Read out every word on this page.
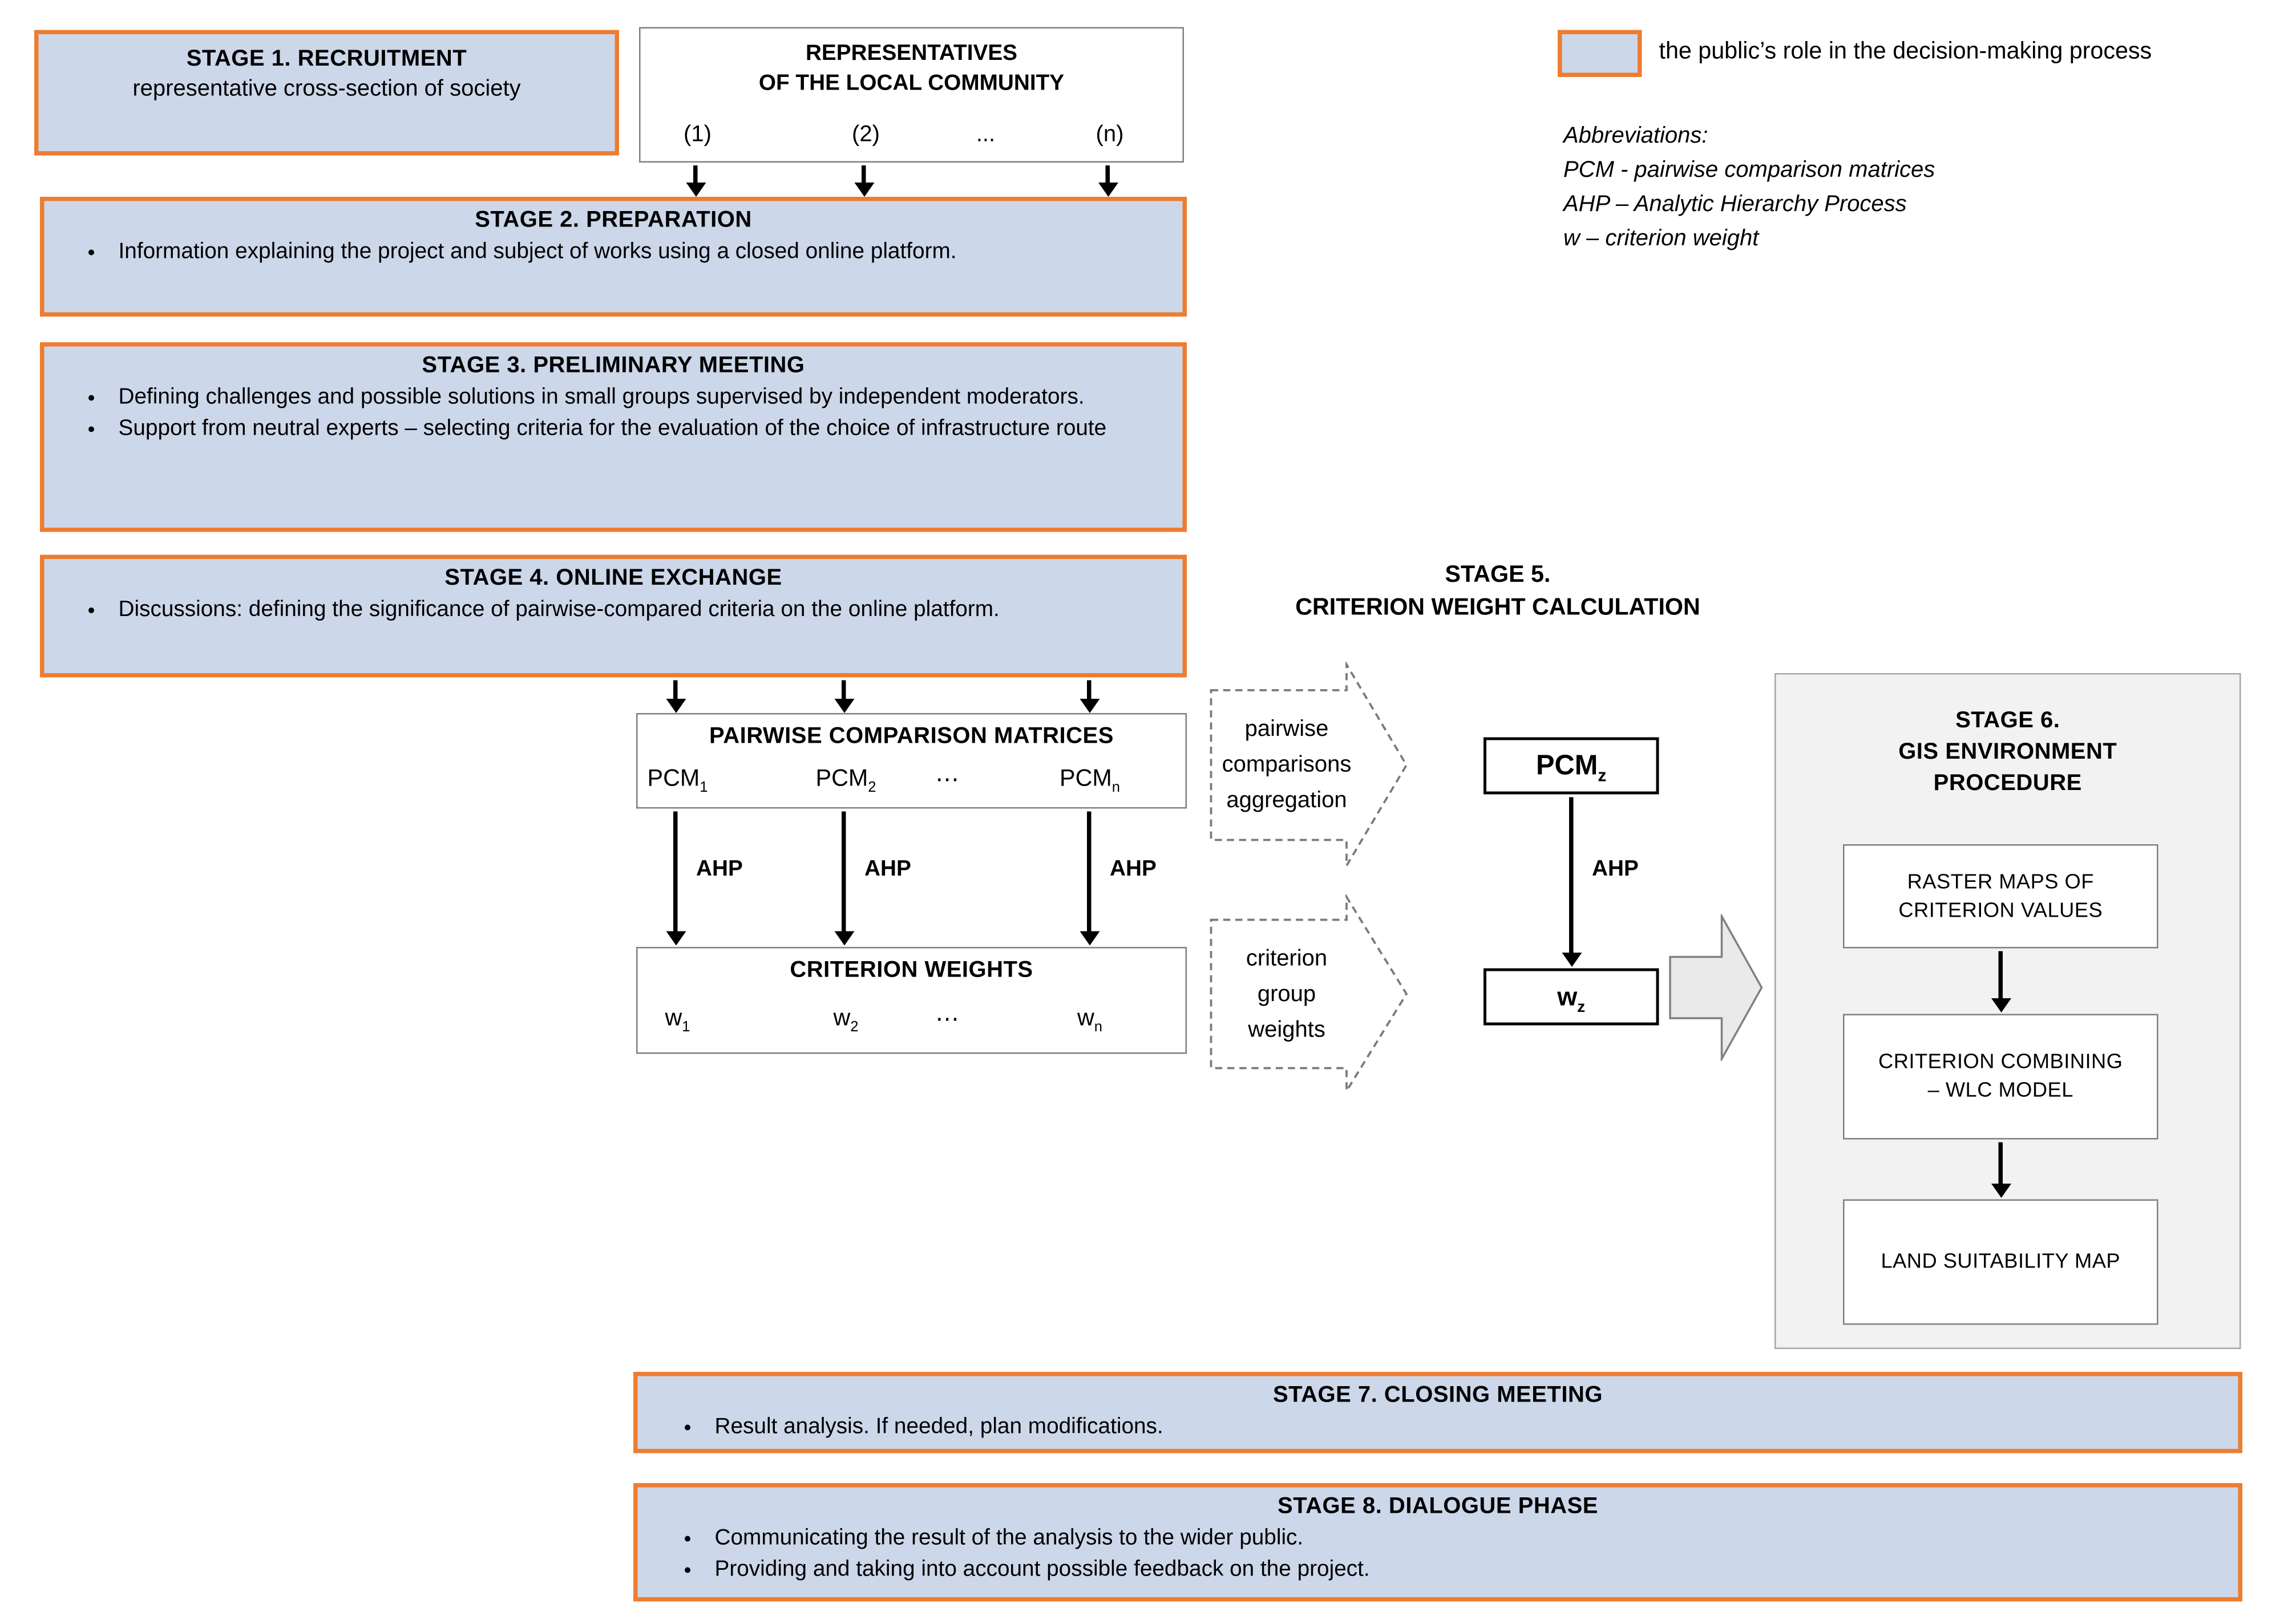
STAGE 1. RECRUITMENT
representative cross-section of society
REPRESENTATIVES
OF THE LOCAL COMMUNITY
(1)	(2)	...	(n)
the public’s role in the decision-making process
Abbreviations:
PCM - pairwise comparison matrices
AHP – Analytic Hierarchy Process
w – criterion weight
STAGE 2. PREPARATION
• Information explaining the project and subject of works using a closed online platform.
STAGE 3. PRELIMINARY MEETING
• Defining challenges and possible solutions in small groups supervised by independent moderators.
• Support from neutral experts – selecting criteria for the evaluation of the choice of infrastructure route
STAGE 4. ONLINE EXCHANGE
• Discussions: defining the significance of pairwise-compared criteria on the online platform.
STAGE 5.
CRITERION WEIGHT CALCULATION
PAIRWISE COMPARISON MATRICES
$PCM_1$	$PCM_2$	⋯	$PCM_n$
AHP	AHP	AHP
CRITERION WEIGHTS
$w_1$	$w_2$	⋯	$w_n$
pairwise
comparisons
aggregation
criterion
group
weights
$PCM_z$
AHP
$w_z$
STAGE 6.
GIS ENVIRONMENT
PROCEDURE
RASTER MAPS OF
CRITERION VALUES
CRITERION COMBINING
– WLC MODEL
LAND SUITABILITY MAP
STAGE 7. CLOSING MEETING
• Result analysis. If needed, plan modifications.
STAGE 8. DIALOGUE PHASE
• Communicating the result of the analysis to the wider public.
• Providing and taking into account possible feedback on the project.
